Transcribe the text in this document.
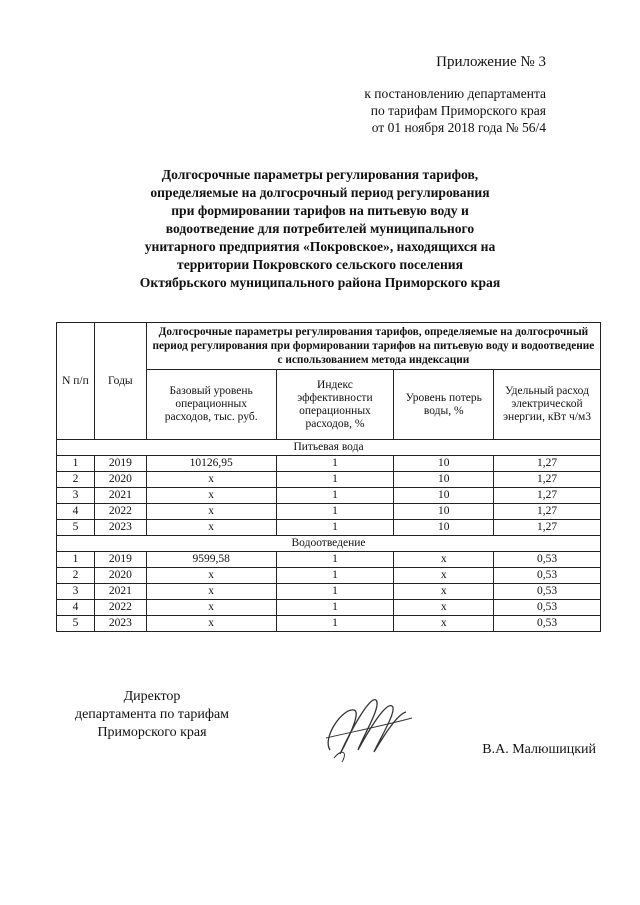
Приложение № 3
к постановлению департамента
по тарифам Приморского края
от 01 ноября 2018 года № 56/4
Долгосрочные параметры регулирования тарифов,
определяемые на долгосрочный период регулирования
при формировании тарифов на питьевую воду и
водоотведение для потребителей муниципального
унитарного предприятия «Покровское», находящихся на
территории Покровского сельского поселения
Октябрьского муниципального района Приморского края
N п/п	Годы	Долгосрочные параметры регулирования тарифов, определяемые на долгосрочный период регулирования при формировании тарифов на питьевую воду и водоотведение с использованием метода индексации			
		Базовый уровень операционных расходов, тыс. руб.	Индекс эффективности операционных расходов, %	Уровень потерь воды, %	Удельный расход электрической энергии, кВт ч/м3
Питьевая вода					
1	2019	10126,95	1	10	1,27
2	2020	х	1	10	1,27
3	2021	х	1	10	1,27
4	2022	х	1	10	1,27
5	2023	х	1	10	1,27
Водоотведение					
1	2019	9599,58	1	х	0,53
2	2020	х	1	х	0,53
3	2021	х	1	х	0,53
4	2022	х	1	х	0,53
5	2023	х	1	х	0,53
Директор
департамента по тарифам
Приморского края
В.А. Малюшицкий
